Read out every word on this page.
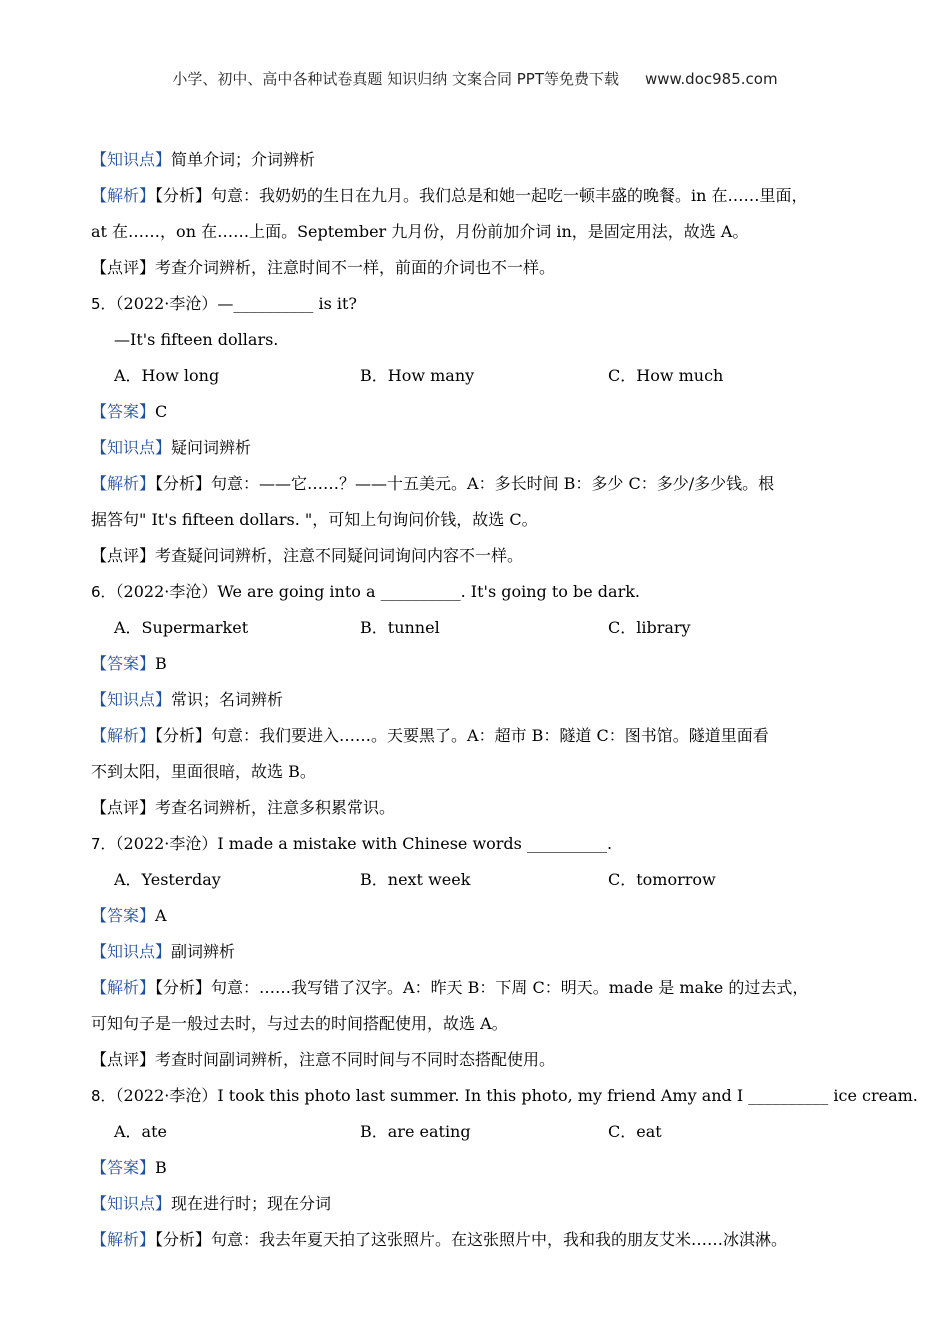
小学、初中、高中各种试卷真题 知识归纳 文案合同 PPT等免费下载 www.doc985.com
【知识点】简单介词；介词辨析
【解析】【分析】句意：我奶奶的生日在九月。我们总是和她一起吃一顿丰盛的晚餐。in 在……里面，
at 在……，on 在……上面。September 九月份，月份前加介词 in，是固定用法，故选 A。
【点评】考查介词辨析，注意时间不一样，前面的介词也不一样。
5．（2022·李沧）—__________ is it?
—It's fifteen dollars.
A．How long	B．How many	C．How much
【答案】C
【知识点】疑问词辨析
【解析】【分析】句意：——它……？——十五美元。A：多长时间 B：多少 C：多少/多少钱。根
据答句" It's fifteen dollars. "，可知上句询问价钱，故选 C。
【点评】考查疑问词辨析，注意不同疑问词询问内容不一样。
6．（2022·李沧）We are going into a __________. It's going to be dark.
A．Supermarket	B．tunnel	C．library
【答案】B
【知识点】常识；名词辨析
【解析】【分析】句意：我们要进入……。天要黑了。A：超市 B：隧道 C：图书馆。隧道里面看
不到太阳，里面很暗，故选 B。
【点评】考查名词辨析，注意多积累常识。
7．（2022·李沧）I made a mistake with Chinese words __________.
A．Yesterday	B．next week	C．tomorrow
【答案】A
【知识点】副词辨析
【解析】【分析】句意：……我写错了汉字。A：昨天 B：下周 C：明天。made 是 make 的过去式，
可知句子是一般过去时，与过去的时间搭配使用，故选 A。
【点评】考查时间副词辨析，注意不同时间与不同时态搭配使用。
8．（2022·李沧）I took this photo last summer. In this photo, my friend Amy and I __________ ice cream.
A．ate	B．are eating	C．eat
【答案】B
【知识点】现在进行时；现在分词
【解析】【分析】句意：我去年夏天拍了这张照片。在这张照片中，我和我的朋友艾米……冰淇淋。
